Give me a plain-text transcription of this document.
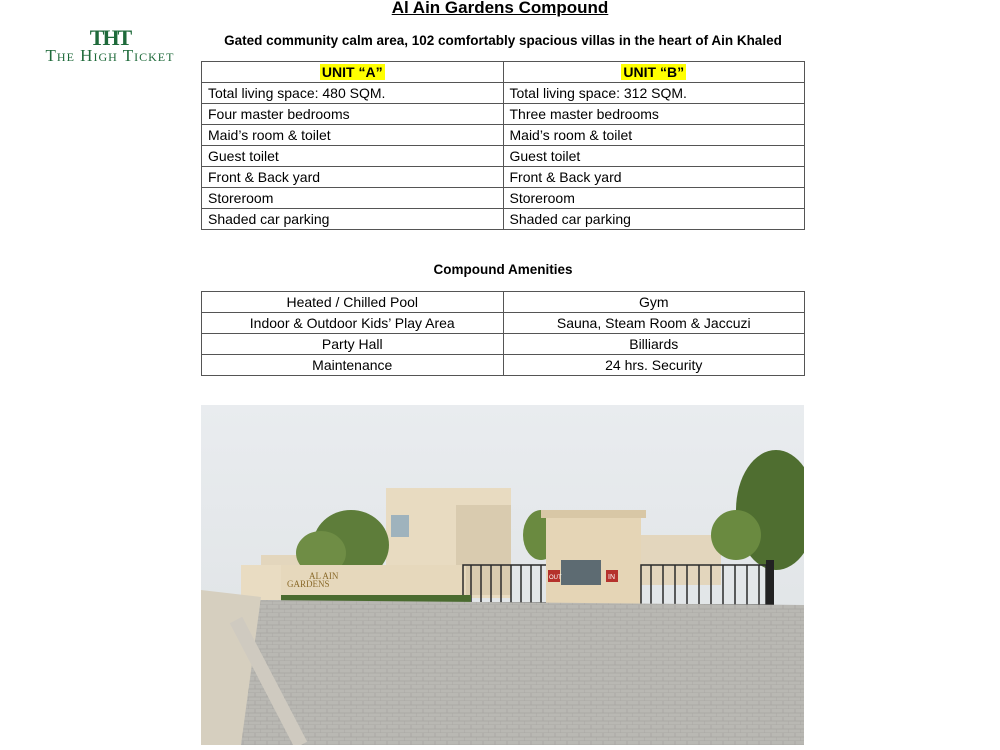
THT
The High Ticket
Al Ain Gardens Compound
Gated community calm area, 102 comfortably spacious villas in the heart of Ain Khaled
UNIT “A”	UNIT “B”
Total living space: 480 SQM.	Total living space: 312 SQM.
Four master bedrooms	Three master bedrooms
Maid’s room & toilet	Maid’s room & toilet
Guest toilet	Guest toilet
Front & Back yard	Front & Back yard
Storeroom	Storeroom
Shaded car parking	Shaded car parking
Compound Amenities
Heated / Chilled Pool	Gym
Indoor & Outdoor Kids’ Play Area	Sauna, Steam Room & Jaccuzi
Party Hall	Billiards
Maintenance	24 hrs. Security
AL AIN
GARDENS
OUT	IN
